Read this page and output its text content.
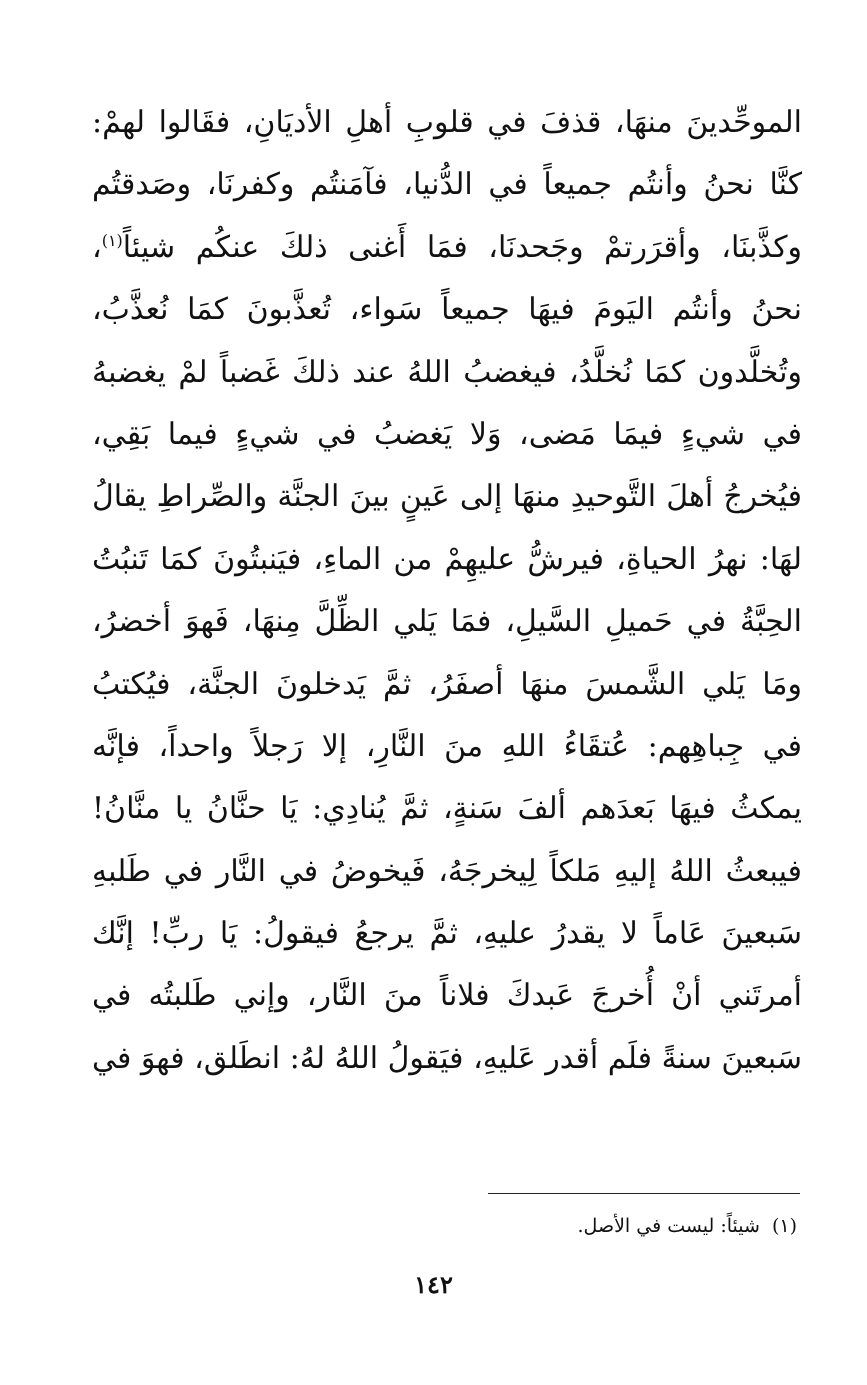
الموحِّدينَ منهَا، قذفَ في قلوبِ أهلِ الأديَانِ، فقَالوا لهمْ:
كنَّا نحنُ وأنتُم جميعاً في الدُّنيا، فآمَنتُم وكفرنَا، وصَدقتُم
وكذَّبنَا، وأقرَرتمْ وجَحدنَا، فمَا أَغنى ذلكَ عنكُم شيئاً$^{(١)}$،
نحنُ وأنتُم اليَومَ فيهَا جميعاً سَواء، تُعذَّبونَ كمَا نُعذَّبُ،
وتُخلَّدون كمَا نُخلَّدُ، فيغضبُ اللهُ عند ذلكَ غَضباً لمْ يغضبهُ
في شيءٍ فيمَا مَضى، وَلا يَغضبُ في شيءٍ فيما بَقِي،
فيُخرجُ أهلَ التَّوحيدِ منهَا إلى عَينٍ بينَ الجنَّة والصِّراطِ يقالُ
لهَا: نهرُ الحياةِ، فيرشُّ عليهِمْ من الماءِ، فيَنبتُونَ كمَا تَنبُتُ
الحِبَّةُ في حَميلِ السَّيلِ، فمَا يَلي الظِّلَّ مِنهَا، فَهوَ أخضرُ،
ومَا يَلي الشَّمسَ منهَا أصفَرُ، ثمَّ يَدخلونَ الجنَّة، فيُكتبُ
في جِباهِهم: عُتقَاءُ اللهِ منَ النَّارِ، إلا رَجلاً واحداً، فإنَّه
يمكثُ فيهَا بَعدَهم ألفَ سَنةٍ، ثمَّ يُنادِي: يَا حنَّانُ يا منَّانُ!
فيبعثُ اللهُ إليهِ مَلكاً لِيخرجَهُ، فَيخوضُ في النَّار في طَلبهِ
سَبعينَ عَاماً لا يقدرُ عليهِ، ثمَّ يرجعُ فيقولُ: يَا ربِّ! إنَّك
أمرتَني أنْ أُخرجَ عَبدكَ فلاناً منَ النَّار، وإني طَلبتُه في
سَبعينَ سنةً فلَم أقدر عَليهِ، فيَقولُ اللهُ لهُ: انطَلق، فهوَ في
(١)شيئاً: ليست في الأصل.
١٤٢
